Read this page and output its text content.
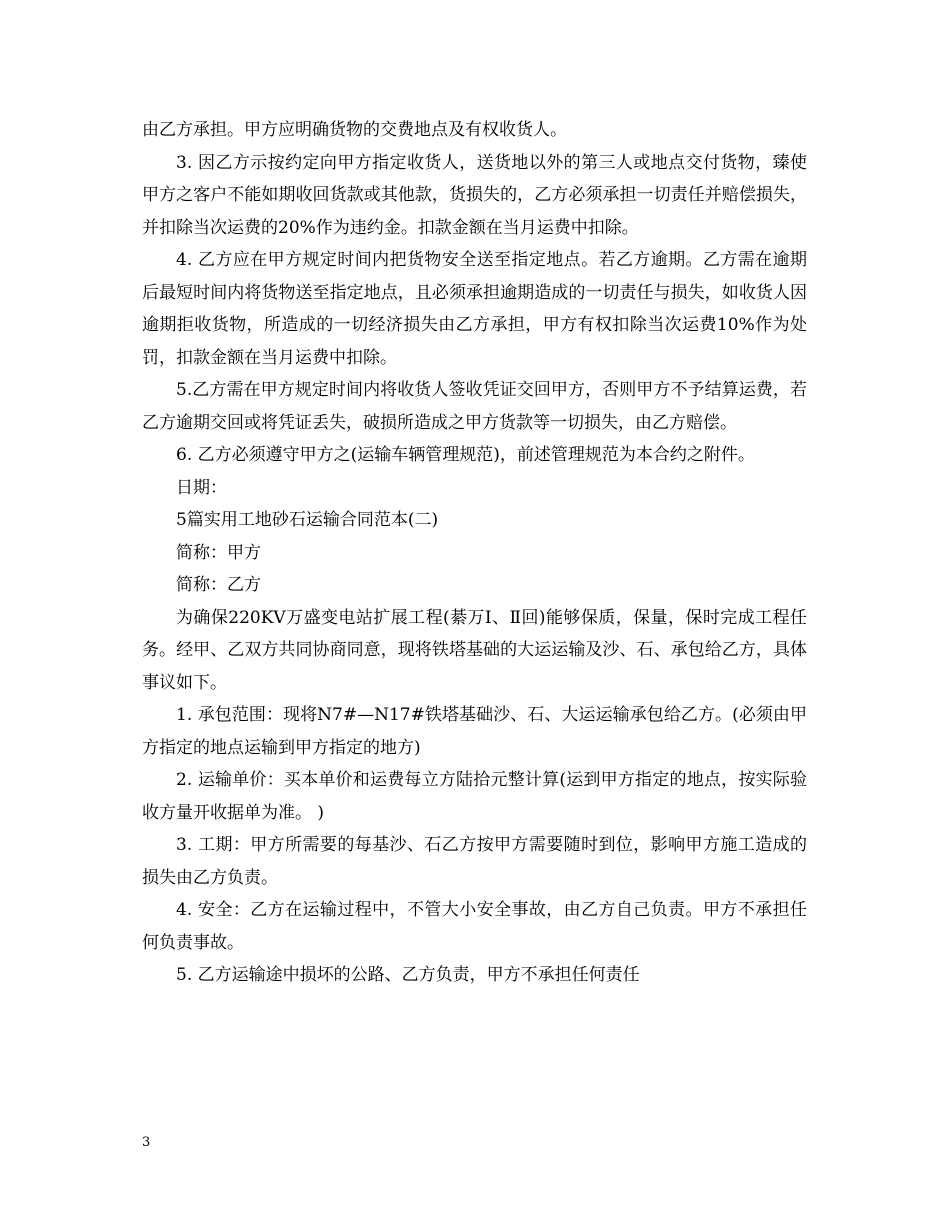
由乙方承担。甲方应明确货物的交费地点及有权收货人。

3. 因乙方示按约定向甲方指定收货人，送货地以外的第三人或地点交付货物，臻使甲方之客户不能如期收回货款或其他款，货损失的，乙方必须承担一切责任并赔偿损失，并扣除当次运费的20%作为违约金。扣款金额在当月运费中扣除。

4. 乙方应在甲方规定时间内把货物安全送至指定地点。若乙方逾期。乙方需在逾期后最短时间内将货物送至指定地点，且必须承担逾期造成的一切责任与损失，如收货人因逾期拒收货物，所造成的一切经济损失由乙方承担，甲方有权扣除当次运费10%作为处罚，扣款金额在当月运费中扣除。

5.乙方需在甲方规定时间内将收货人签收凭证交回甲方，否则甲方不予结算运费，若乙方逾期交回或将凭证丢失，破损所造成之甲方货款等一切损失，由乙方赔偿。

6. 乙方必须遵守甲方之(运输车辆管理规范)，前述管理规范为本合约之附件。

日期：

5篇实用工地砂石运输合同范本(二)

简称：甲方

简称：乙方

为确保220KV万盛变电站扩展工程(綦万Ⅰ、Ⅱ回)能够保质，保量，保时完成工程任务。经甲、乙双方共同协商同意，现将铁塔基础的大运运输及沙、石、承包给乙方，具体事议如下。

1. 承包范围：现将N7#—N17#铁塔基础沙、石、大运运输承包给乙方。(必须由甲方指定的地点运输到甲方指定的地方)

2. 运输单价：买本单价和运费每立方陆拾元整计算(运到甲方指定的地点，按实际验收方量开收据单为准。 )

3. 工期：甲方所需要的每基沙、石乙方按甲方需要随时到位，影响甲方施工造成的损失由乙方负责。

4. 安全：乙方在运输过程中，不管大小安全事故，由乙方自己负责。甲方不承担任何负责事故。

5. 乙方运输途中损坏的公路、乙方负责，甲方不承担任何责任

3
